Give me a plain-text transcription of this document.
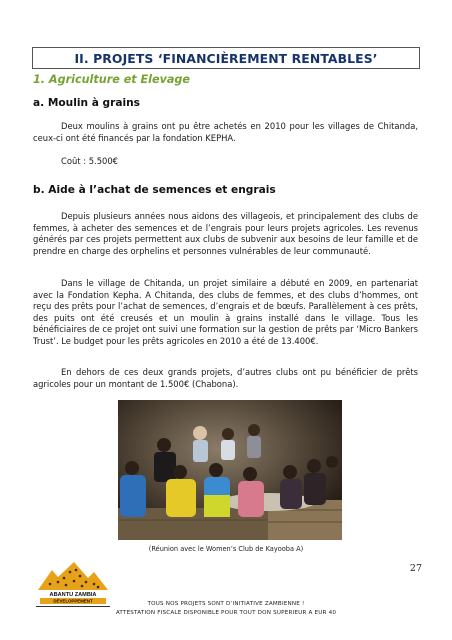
II. PROJETS ‘FINANCIÈREMENT RENTABLES’
1. Agriculture et Elevage
a. Moulin à grains

Deux moulins à grains ont pu être achetés en 2010 pour les villages de Chitanda, ceux-ci ont été financés par la fondation KEPHA.

Coût : 5.500€
b. Aide à l’achat de semences et engrais

Depuis plusieurs années nous aidons des villageois, et principalement des clubs de femmes, à acheter des semences et de l’engrais pour leurs projets agricoles. Les revenus générés par ces projets permettent aux clubs de subvenir aux besoins de leur famille et de prendre en charge des orphelins et personnes vulnérables de leur communauté.

Dans le village de Chitanda, un projet similaire a débuté en 2009, en partenariat avec la Fondation Kepha. A Chitanda, des clubs de femmes, et des clubs d’hommes, ont reçu des prêts pour l’achat de semences, d’engrais et de bœufs. Parallèlement à ces prêts, des puits ont été creusés et un moulin à grains installé dans le village. Tous les bénéficiaires de ce projet ont suivi une formation sur la gestion de prêts par ‘Micro Bankers Trust’. Le budget pour les prêts agricoles en 2010 a été de 13.400€.

En dehors de ces deux grands projets, d’autres clubs ont pu bénéficier de prêts agricoles pour un montant de 1.500€ (Chabona).

(Réunion avec le Women’s Club de Kayooba A)
27
ABANTU ZAMBIA
DÉVELOPPEMENT	TOUS NOS PROJETS SONT D’INITIATIVE ZAMBIENNE !
ATTESTATION FISCALE DISPONIBLE POUR TOUT DON SUPERIEUR A EUR 40
